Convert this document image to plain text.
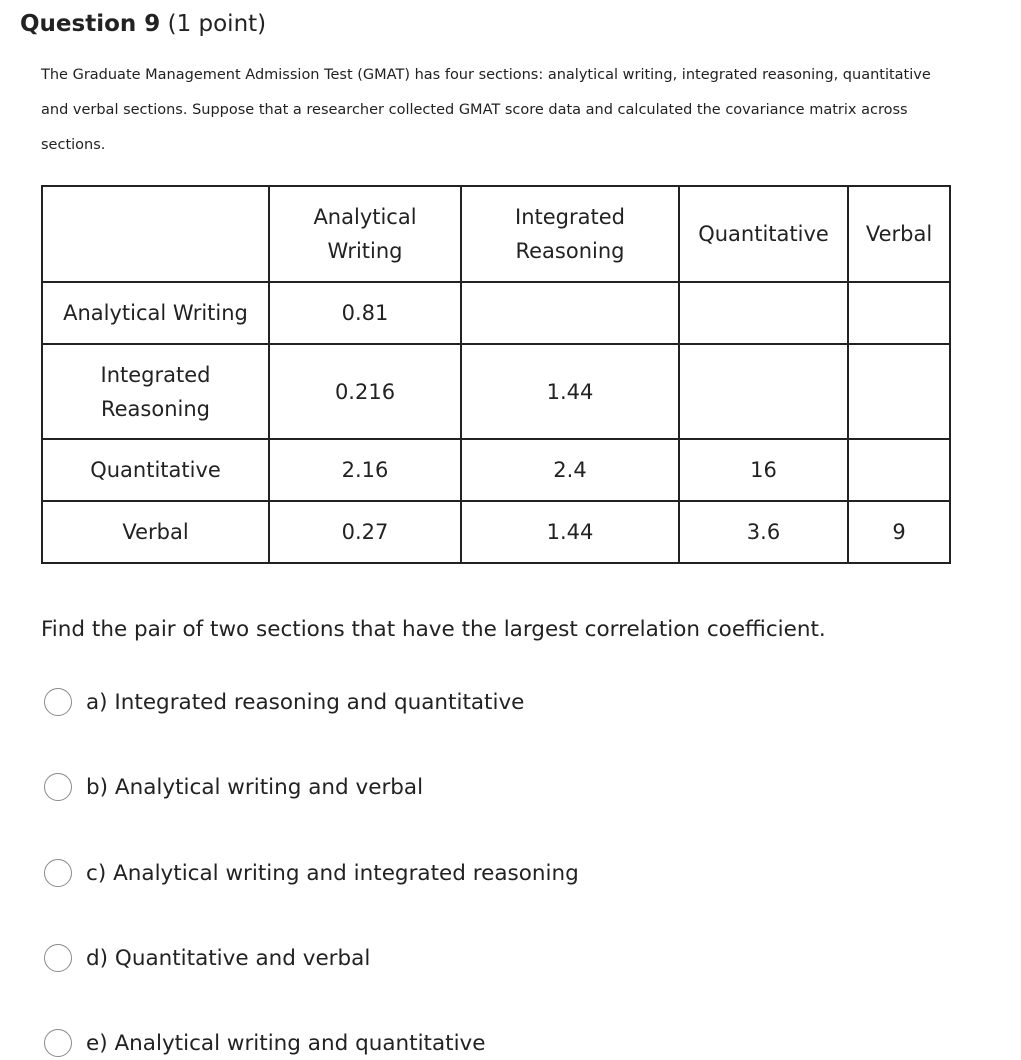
Question 9 (1 point)
The Graduate Management Admission Test (GMAT) has four sections: analytical writing, integrated reasoning, quantitative and verbal sections. Suppose that a researcher collected GMAT score data and calculated the covariance matrix across sections.
	Analytical Writing	Integrated Reasoning	Quantitative	Verbal
Analytical Writing	0.81			
Integrated Reasoning	0.216	1.44		
Quantitative	2.16	2.4	16	
Verbal	0.27	1.44	3.6	9
Find the pair of two sections that have the largest correlation coefficient.
a)
Integrated reasoning and quantitative
b)
Analytical writing and verbal
c)
Analytical writing and integrated reasoning
d)
Quantitative and verbal
e)
Analytical writing and quantitative
